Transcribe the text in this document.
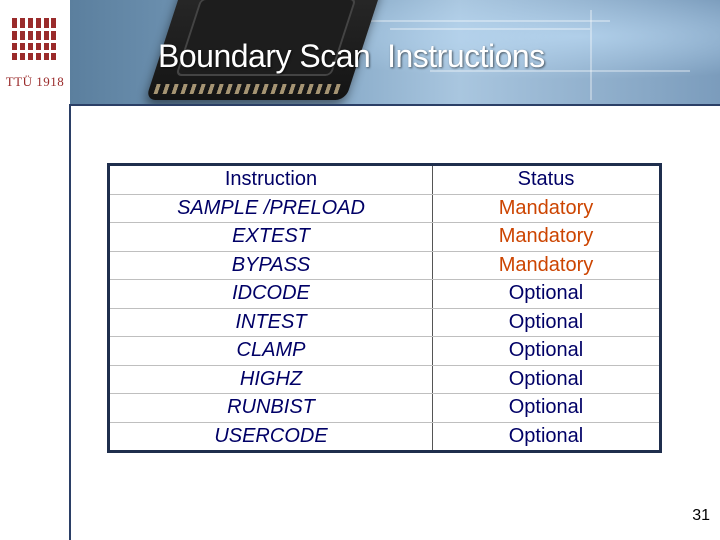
TTÜ 1918
Boundary Scan  Instructions
Instruction	Status
SAMPLE /PRELOAD	Mandatory
EXTEST	Mandatory
BYPASS	Mandatory
IDCODE	Optional
INTEST	Optional
CLAMP	Optional
HIGHZ	Optional
RUNBIST	Optional
USERCODE	Optional
31
